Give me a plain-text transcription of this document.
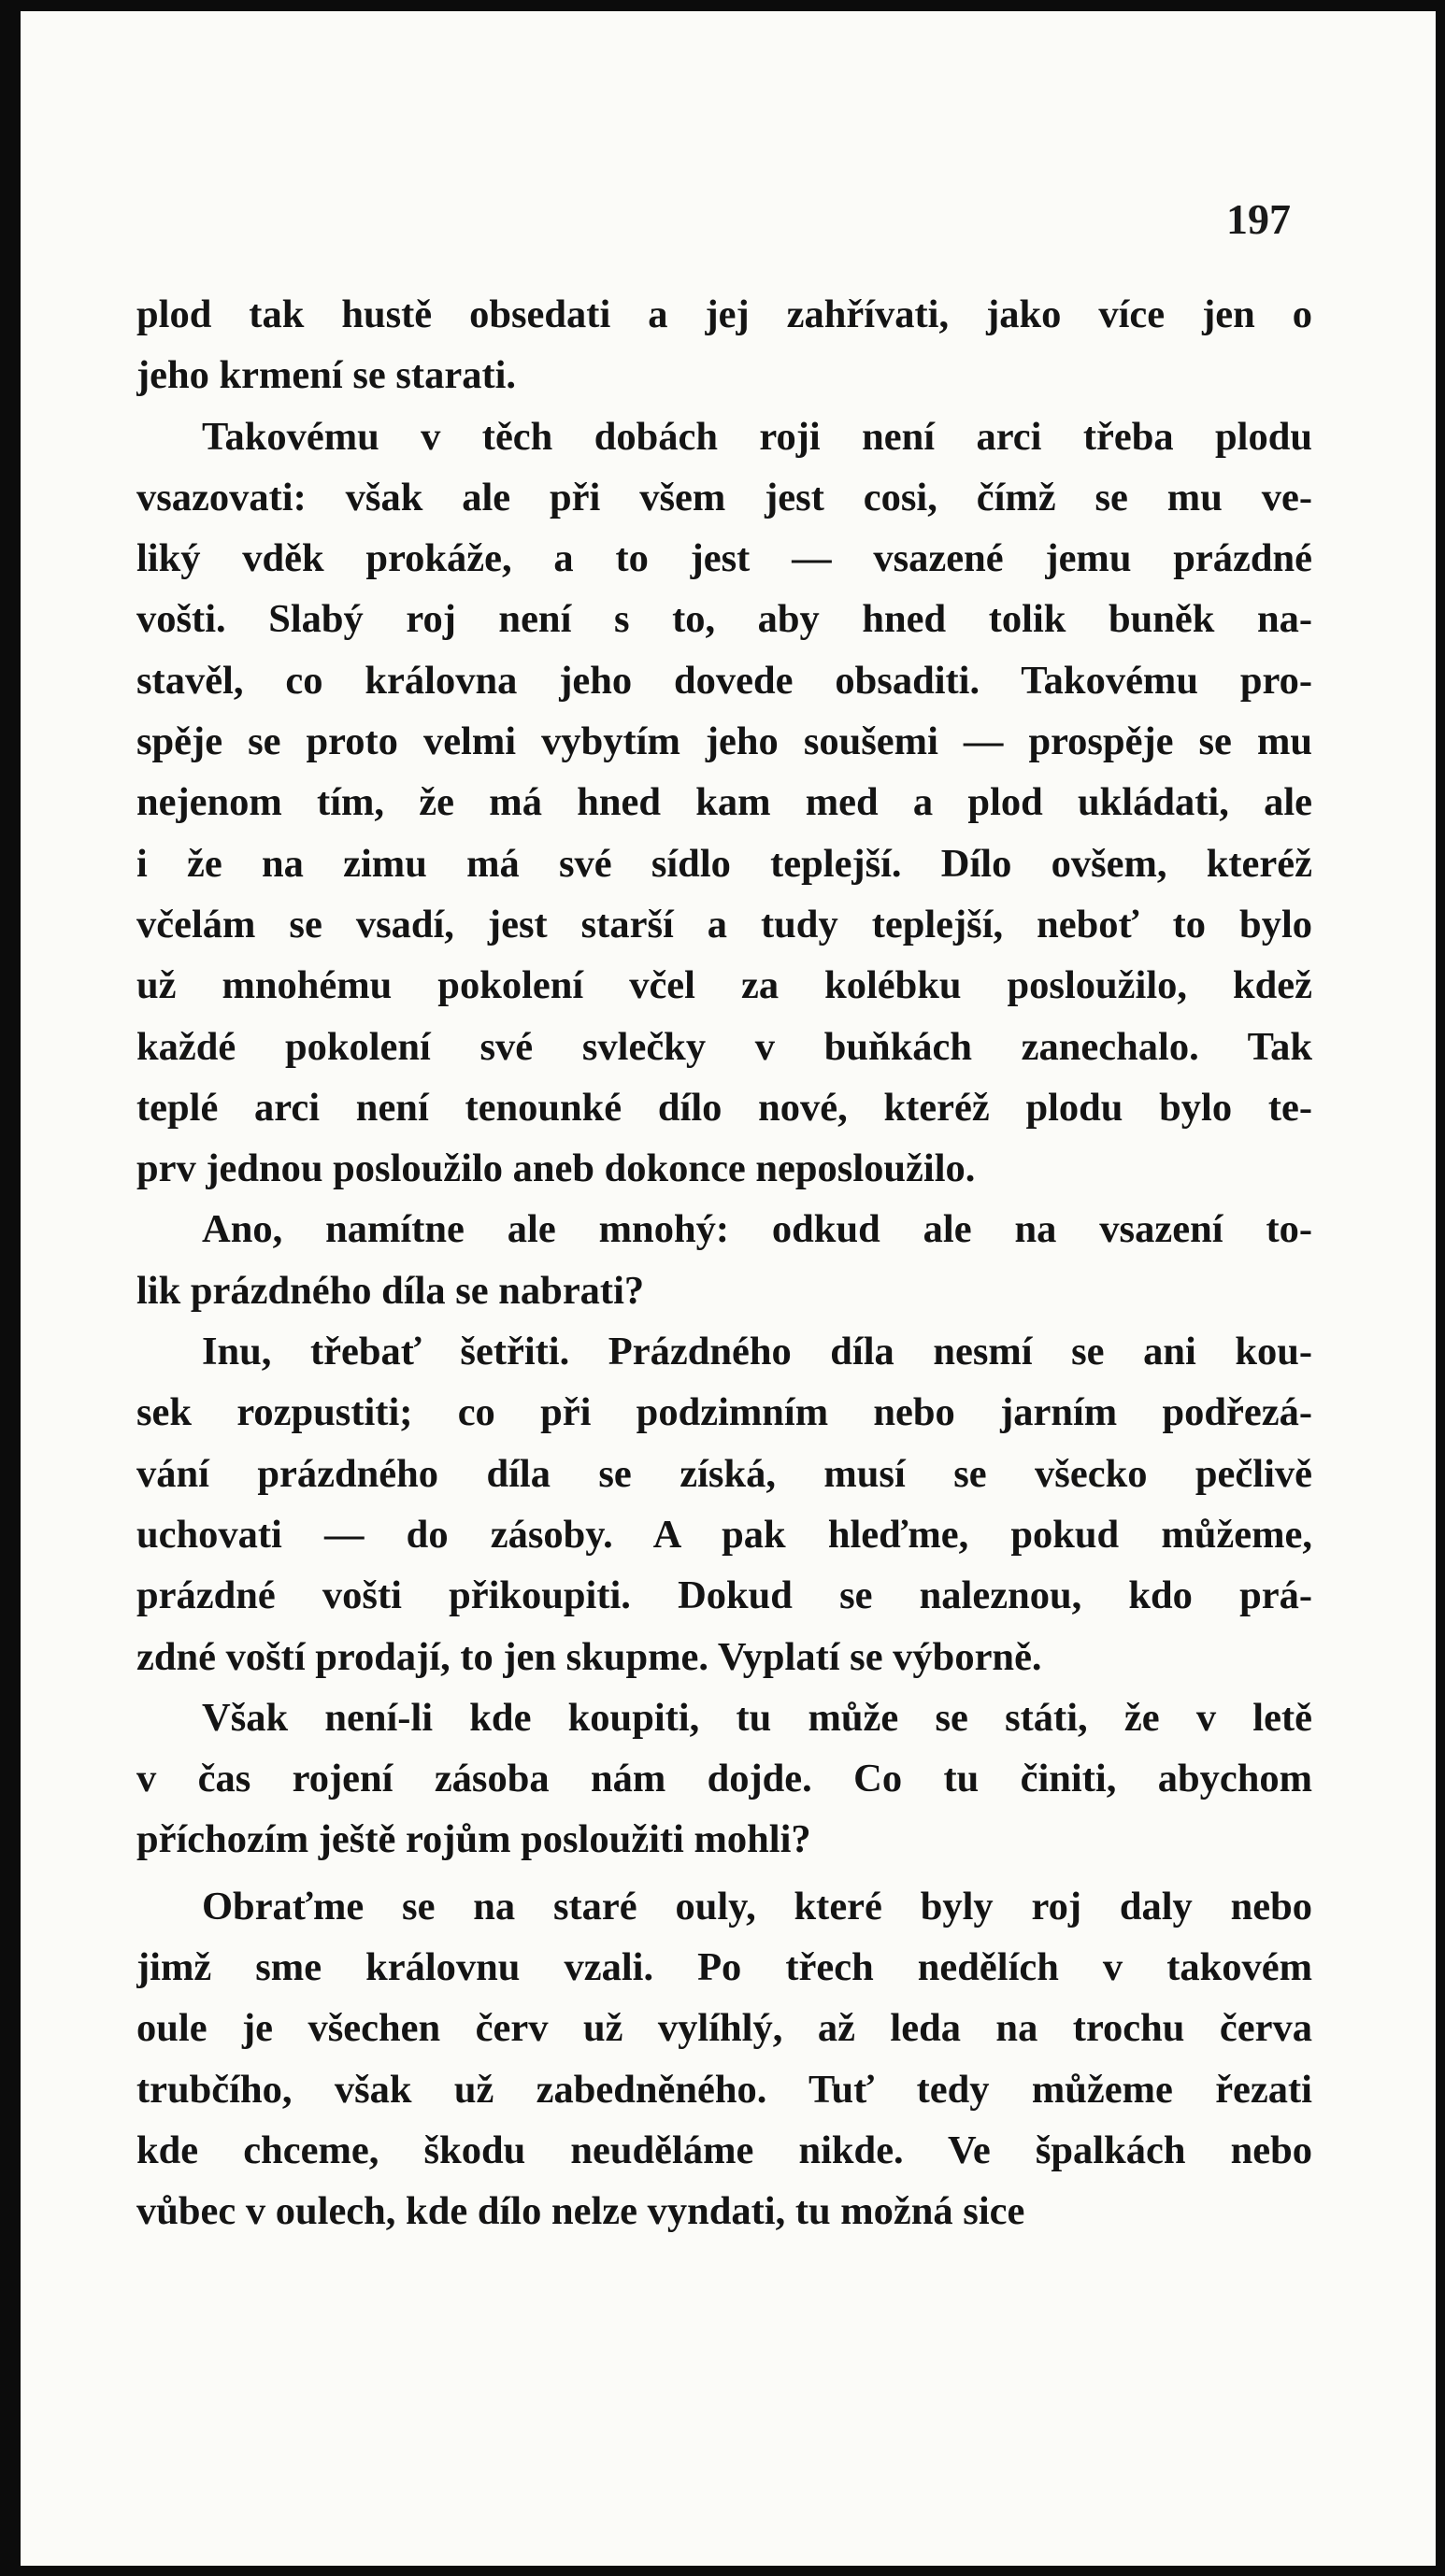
197
plod tak hustě obsedati a jej zahřívati, jako více jen o
jeho krmení se starati.
Takovému v těch dobách roji není arci třeba plodu
vsazovati: však ale při všem jest cosi, čímž se mu ve-
liký vděk prokáže, a to jest — vsazené jemu prázdné
vošti. Slabý roj není s to, aby hned tolik buněk na-
stavěl, co královna jeho dovede obsaditi. Takovému pro-
spěje se proto velmi vybytím jeho soušemi — prospěje se mu
nejenom tím, že má hned kam med a plod ukládati, ale
i že na zimu má své sídlo teplejší. Dílo ovšem, kteréž
včelám se vsadí, jest starší a tudy teplejší, neboť to bylo
už mnohému pokolení včel za kolébku posloužilo, kdež
každé pokolení své svlečky v buňkách zanechalo. Tak
teplé arci není tenounké dílo nové, kteréž plodu bylo te-
prv jednou posloužilo aneb dokonce neposloužilo.
Ano, namítne ale mnohý: odkud ale na vsazení to-
lik prázdného díla se nabrati?
Inu, třebať šetřiti. Prázdného díla nesmí se ani kou-
sek rozpustiti; co při podzimním nebo jarním podřezá-
vání prázdného díla se získá, musí se všecko pečlivě
uchovati — do zásoby. A pak hleďme, pokud můžeme,
prázdné vošti přikoupiti. Dokud se naleznou, kdo prá-
zdné voští prodají, to jen skupme. Vyplatí se výborně.
Však není-li kde koupiti, tu může se státi, že v letě
v čas rojení zásoba nám dojde. Co tu činiti, abychom
příchozím ještě rojům posloužiti mohli?
Obraťme se na staré ouly, které byly roj daly nebo
jimž sme královnu vzali. Po třech nedělích v takovém
oule je všechen červ už vylíhlý, až leda na trochu červa
trubčího, však už zabedněného. Tuť tedy můžeme řezati
kde chceme, škodu neuděláme nikde. Ve špalkách nebo
vůbec v oulech, kde dílo nelze vyndati, tu možná sice
